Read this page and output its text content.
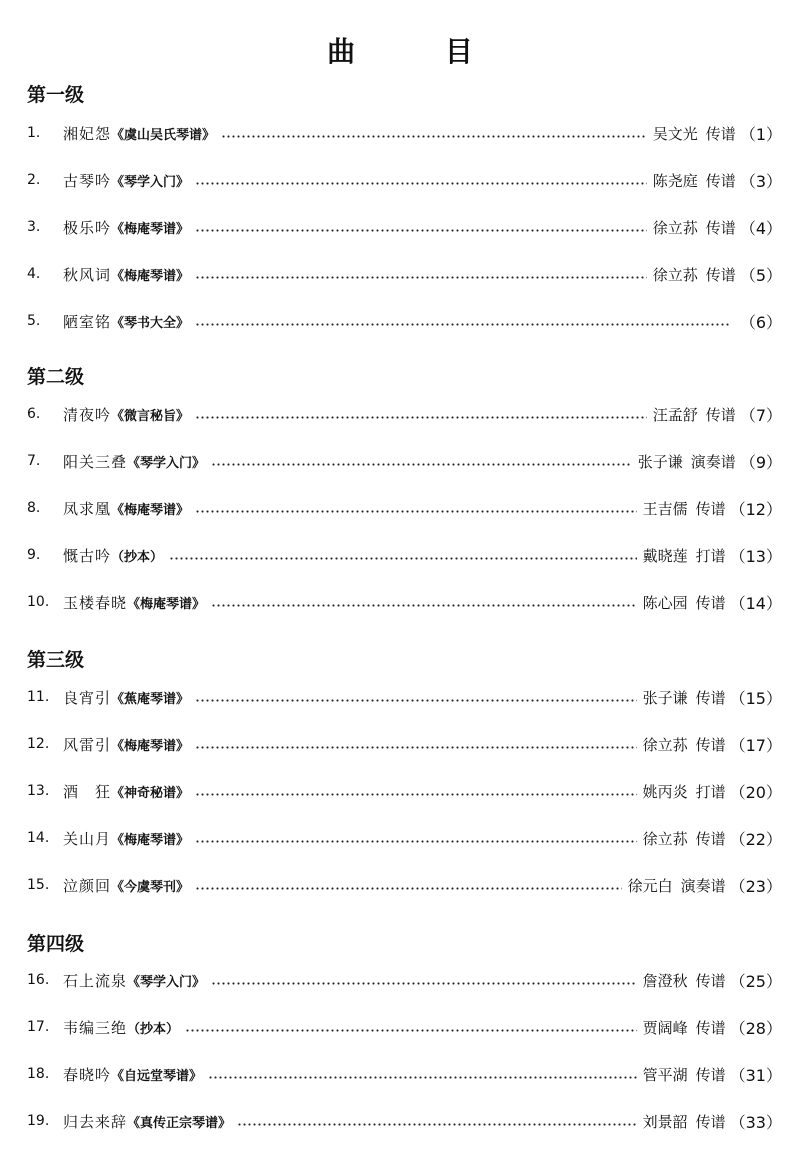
曲 目
第一级
1.	湘妃怨 《虞山吴氏琴谱》	吴文光 传谱 （1）
2.	古琴吟 《琴学入门》	陈尧庭 传谱 （3）
3.	极乐吟 《梅庵琴谱》	徐立荪 传谱 （4）
4.	秋风词 《梅庵琴谱》	徐立荪 传谱 （5）
5.	陋室铭 《琴书大全》	（6）
第二级
6.	清夜吟 《微言秘旨》	汪孟舒 传谱 （7）
7.	阳关三叠 《琴学入门》	张子谦 演奏谱 （9）
8.	凤求凰 《梅庵琴谱》	王吉儒 传谱 （12）
9.	慨古吟 （抄本）	戴晓莲 打谱 （13）
10. 玉楼春晓 《梅庵琴谱》	陈心园 传谱 （14）
第三级
11. 良宵引 《蕉庵琴谱》	张子谦 传谱 （15）
12. 风雷引 《梅庵琴谱》	徐立荪 传谱 （17）
13. 酒　狂 《神奇秘谱》	姚丙炎 打谱 （20）
14. 关山月 《梅庵琴谱》	徐立荪 传谱 （22）
15. 泣颜回 《今虞琴刊》	徐元白 演奏谱 （23）
第四级
16. 石上流泉 《琴学入门》	詹澄秋 传谱 （25）
17. 韦编三绝 （抄本）	贾阔峰 传谱 （28）
18. 春晓吟 《自远堂琴谱》	管平湖 传谱 （31）
19. 归去来辞 《真传正宗琴谱》	刘景韶 传谱 （33）
